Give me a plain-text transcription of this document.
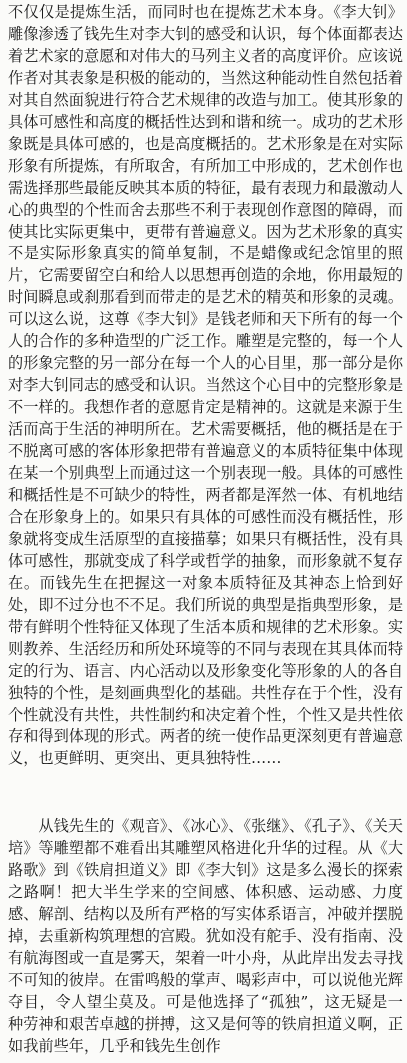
不仅仅是提炼生活，而同时也在提炼艺术本身。《李大钊》雕像渗透了钱先生对李大钊的感受和认识，每个体面都表达着艺术家的意愿和对伟大的马列主义者的高度评价。应该说作者对其表象是积极的能动的，当然这种能动性自然包括着对其自然面貌进行符合艺术规律的改造与加工。使其形象的具体可感性和高度的概括性达到和谐和统一。成功的艺术形象既是具体可感的，也是高度概括的。艺术形象是在对实际形象有所提炼，有所取舍，有所加工中形成的，艺术创作也需选择那些最能反映其本质的特征，最有表现力和最激动人心的典型的个性而舍去那些不利于表现创作意图的障碍，而使其比实际更集中，更带有普遍意义。因为艺术形象的真实不是实际形象真实的简单复制，不是蜡像或纪念馆里的照片，它需要留空白和给人以思想再创造的余地，你用最短的时间瞬息或刹那看到而带走的是艺术的精英和形象的灵魂。可以这么说，这尊《李大钊》是钱老师和天下所有的每一个人的合作的多种造型的广泛工作。雕塑是完整的，每一个人的形象完整的另一部分在每一个人的心目里，那一部分是你对李大钊同志的感受和认识。当然这个心目中的完整形象是不一样的。我想作者的意愿肯定是精神的。这就是来源于生活而高于生活的神明所在。艺术需要概括，他的概括是在于不脱离可感的客体形象把带有普遍意义的本质特征集中体现在某一个别典型上而通过这一个别表现一般。具体的可感性和概括性是不可缺少的特性，两者都是浑然一体、有机地结合在形象身上的。如果只有具体的可感性而没有概括性，形象就将变成生活原型的直接描摹；如果只有概括性，没有具体可感性，那就变成了科学或哲学的抽象，而形象就不复存在。而钱先生在把握这一对象本质特征及其神态上恰到好处，即不过分也不不足。我们所说的典型是指典型形象，是带有鲜明个性特征又体现了生活本质和规律的艺术形象。实则教养、生活经历和所处环境等的不同与表现在其具体而特定的行为、语言、内心活动以及形象变化等形象的人的各自独特的个性，是刻画典型化的基础。共性存在于个性，没有个性就没有共性，共性制约和决定着个性，个性又是共性依存和得到体现的形式。两者的统一使作品更深刻更有普遍意义，也更鲜明、更突出、更具独特性……

从钱先生的《观音》、《冰心》、《张继》、《孔子》、《关天培》等雕塑都不难看出其雕塑风格进化升华的过程。从《大路歌》到《铁肩担道义》即《李大钊》这是多么漫长的探索之路啊！把大半生学来的空间感、体积感、运动感、力度感、解剖、结构以及所有严格的写实体系语言，冲破并摆脱掉，去重新构筑理想的宫殿。犹如没有舵手、没有指南、没有航海图或一直是雾天，架着一叶小舟，从此岸出发去寻找不可知的彼岸。在雷鸣般的掌声、喝彩声中，可以说他光辉夺目，令人望尘莫及。可是他选择了“孤独”，这无疑是一种劳神和艰苦卓越的拼搏，这又是何等的铁肩担道义啊，正如我前些年，几乎和钱先生创作
